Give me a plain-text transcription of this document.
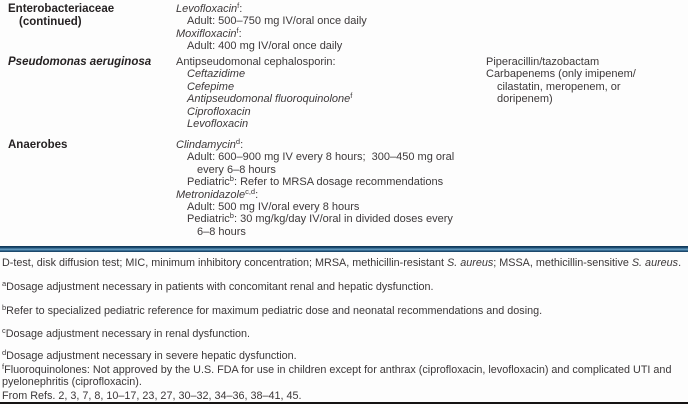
Enterobacteriaceae
(continued)
Levofloxacin$^f$:
Adult: 500–750 mg IV/oral once daily
Moxifloxacin$^f$:
Adult: 400 mg IV/oral once daily
Pseudomonas aeruginosa	Antipseudomonal cephalosporin:
Ceftazidime
Cefepime
Antipseudomonal fluoroquinolone$^f$
Ciprofloxacin
Levofloxacin
Piperacillin/tazobactam
Carbapenems (only imipenem/
cilastatin, meropenem, or
doripenem)
Anaerobes	Clindamycin$^d$:
Adult: 600–900 mg IV every 8 hours;  300–450 mg oral
every 6–8 hours
Pediatric$^b$: Refer to MRSA dosage recommendations
Metronidazole$^{c,d}$:
Adult: 500 mg IV/oral every 8 hours
Pediatric$^b$: 30 mg/kg/day IV/oral in divided doses every
6–8 hours
D-test, disk diffusion test; MIC, minimum inhibitory concentration; MRSA, methicillin-resistant S. aureus; MSSA, methicillin-sensitive S. aureus.
$^a$Dosage adjustment necessary in patients with concomitant renal and hepatic dysfunction.
$^b$Refer to specialized pediatric reference for maximum pediatric dose and neonatal recommendations and dosing.
$^c$Dosage adjustment necessary in renal dysfunction.
$^d$Dosage adjustment necessary in severe hepatic dysfunction.
$^f$Fluoroquinolones: Not approved by the U.S. FDA for use in children except for anthrax (ciprofloxacin, levofloxacin) and complicated UTI and pyelonephritis (ciprofloxacin).
From Refs. 2, 3, 7, 8, 10–17, 23, 27, 30–32, 34–36, 38–41, 45.
